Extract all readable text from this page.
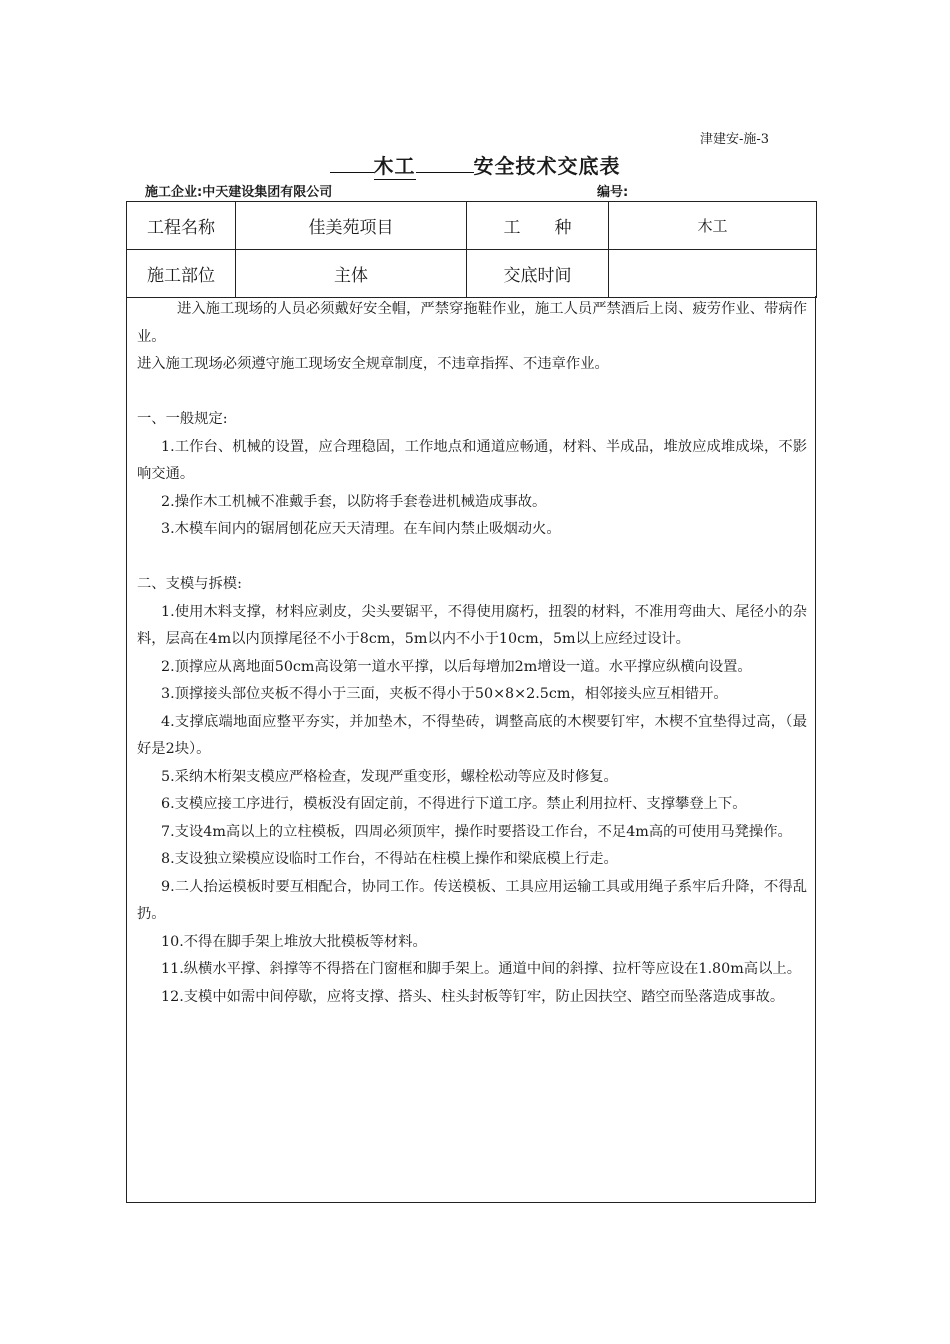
津建安-施-3
木工	安全技术交底表
施工企业:中天建设集团有限公司	编号:
工程名称	佳美苑项目	工　　种	木工
施工部位	主体	交底时间	

进入施工现场的人员必须戴好安全帽，严禁穿拖鞋作业，施工人员严禁酒后上岗、疲劳作业、带病作业。

进入施工现场必须遵守施工现场安全规章制度，不违章指挥、不违章作业。

一、一般规定:

1.工作台、机械的设置，应合理稳固，工作地点和通道应畅通，材料、半成品，堆放应成堆成垛，不影响交通。

2.操作木工机械不准戴手套，以防将手套卷进机械造成事故。

3.木模车间内的锯屑刨花应天天清理。在车间内禁止吸烟动火。

二、支模与拆模:

1.使用木料支撑，材料应剥皮，尖头要锯平，不得使用腐朽，扭裂的材料，不准用弯曲大、尾径小的杂料，层高在4m以内顶撑尾径不小于8cm，5m以内不小于10cm，5m以上应经过设计。

2.顶撑应从离地面50cm高设第一道水平撑，以后每增加2m增设一道。水平撑应纵横向设置。

3.顶撑接头部位夹板不得小于三面，夹板不得小于50×8×2.5cm，相邻接头应互相错开。

4.支撑底端地面应整平夯实，并加垫木，不得垫砖，调整高底的木楔要钉牢，木楔不宜垫得过高，（最好是2块）。

5.采纳木桁架支模应严格检查，发现严重变形，螺栓松动等应及时修复。

6.支模应接工序进行，模板没有固定前，不得进行下道工序。禁止利用拉杆、支撑攀登上下。

7.支设4m高以上的立柱模板，四周必须顶牢，操作时要搭设工作台，不足4m高的可使用马凳操作。

8.支设独立梁模应设临时工作台，不得站在柱模上操作和梁底模上行走。

9.二人抬运模板时要互相配合，协同工作。传送模板、工具应用运输工具或用绳子系牢后升降，不得乱扔。

10.不得在脚手架上堆放大批模板等材料。

11.纵横水平撑、斜撑等不得搭在门窗框和脚手架上。通道中间的斜撑、拉杆等应设在1.80m高以上。

12.支模中如需中间停歇，应将支撑、搭头、柱头封板等钉牢，防止因扶空、踏空而坠落造成事故。
